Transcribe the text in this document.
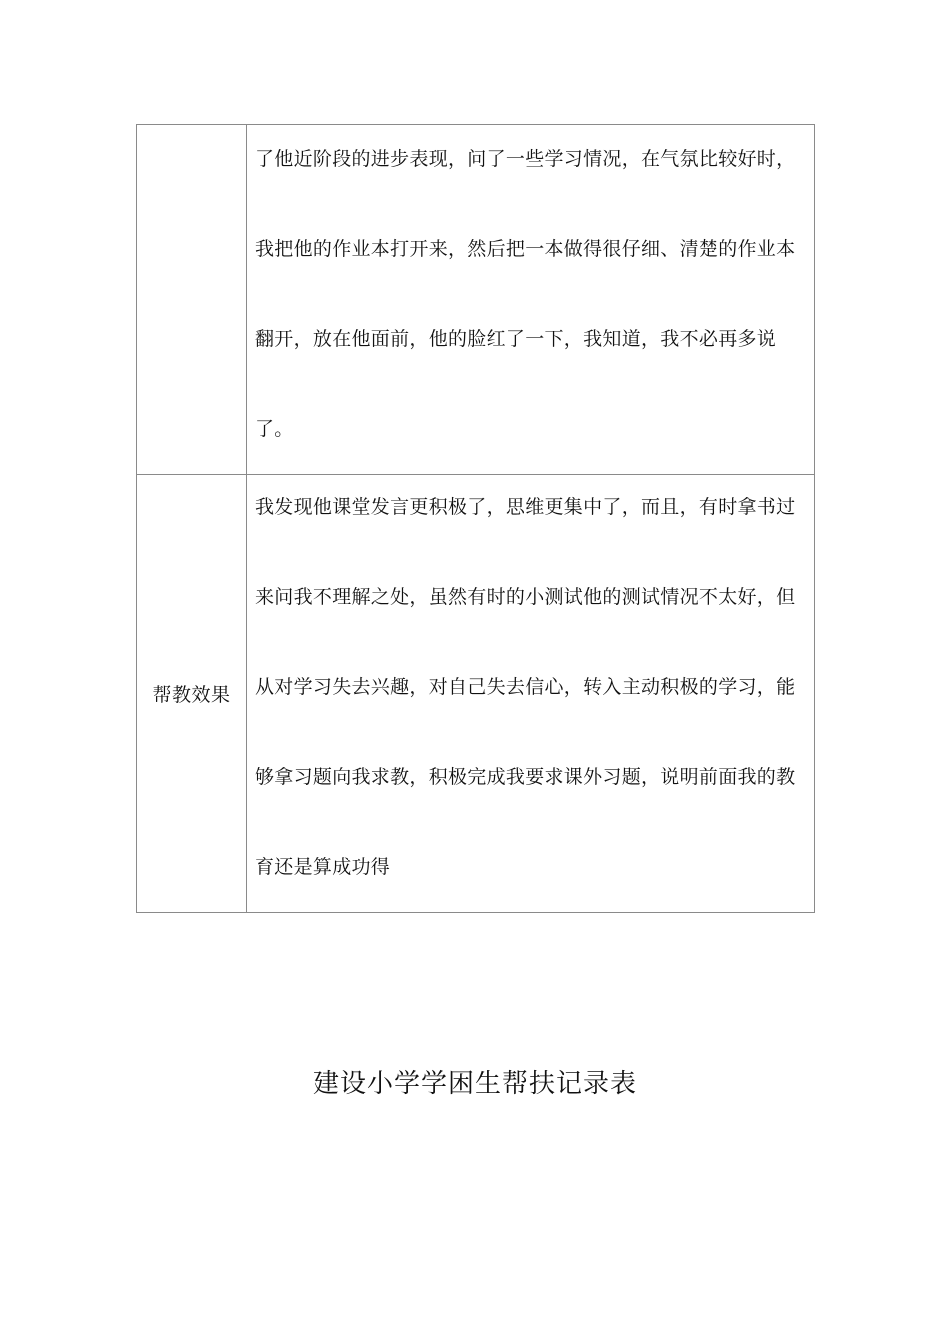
	了他近阶段的进步表现，问了一些学习情况，在气氛比较好时，我把他的作业本打开来，然后把一本做得很仔细、清楚的作业本翻开，放在他面前，他的脸红了一下，我知道，我不必再多说了。

帮教效果	我发现他课堂发言更积极了，思维更集中了，而且，有时拿书过来问我不理解之处，虽然有时的小测试他的测试情况不太好，但从对学习失去兴趣，对自己失去信心，转入主动积极的学习，能够拿习题向我求教，积极完成我要求课外习题，说明前面我的教育还是算成功得
建设小学学困生帮扶记录表
